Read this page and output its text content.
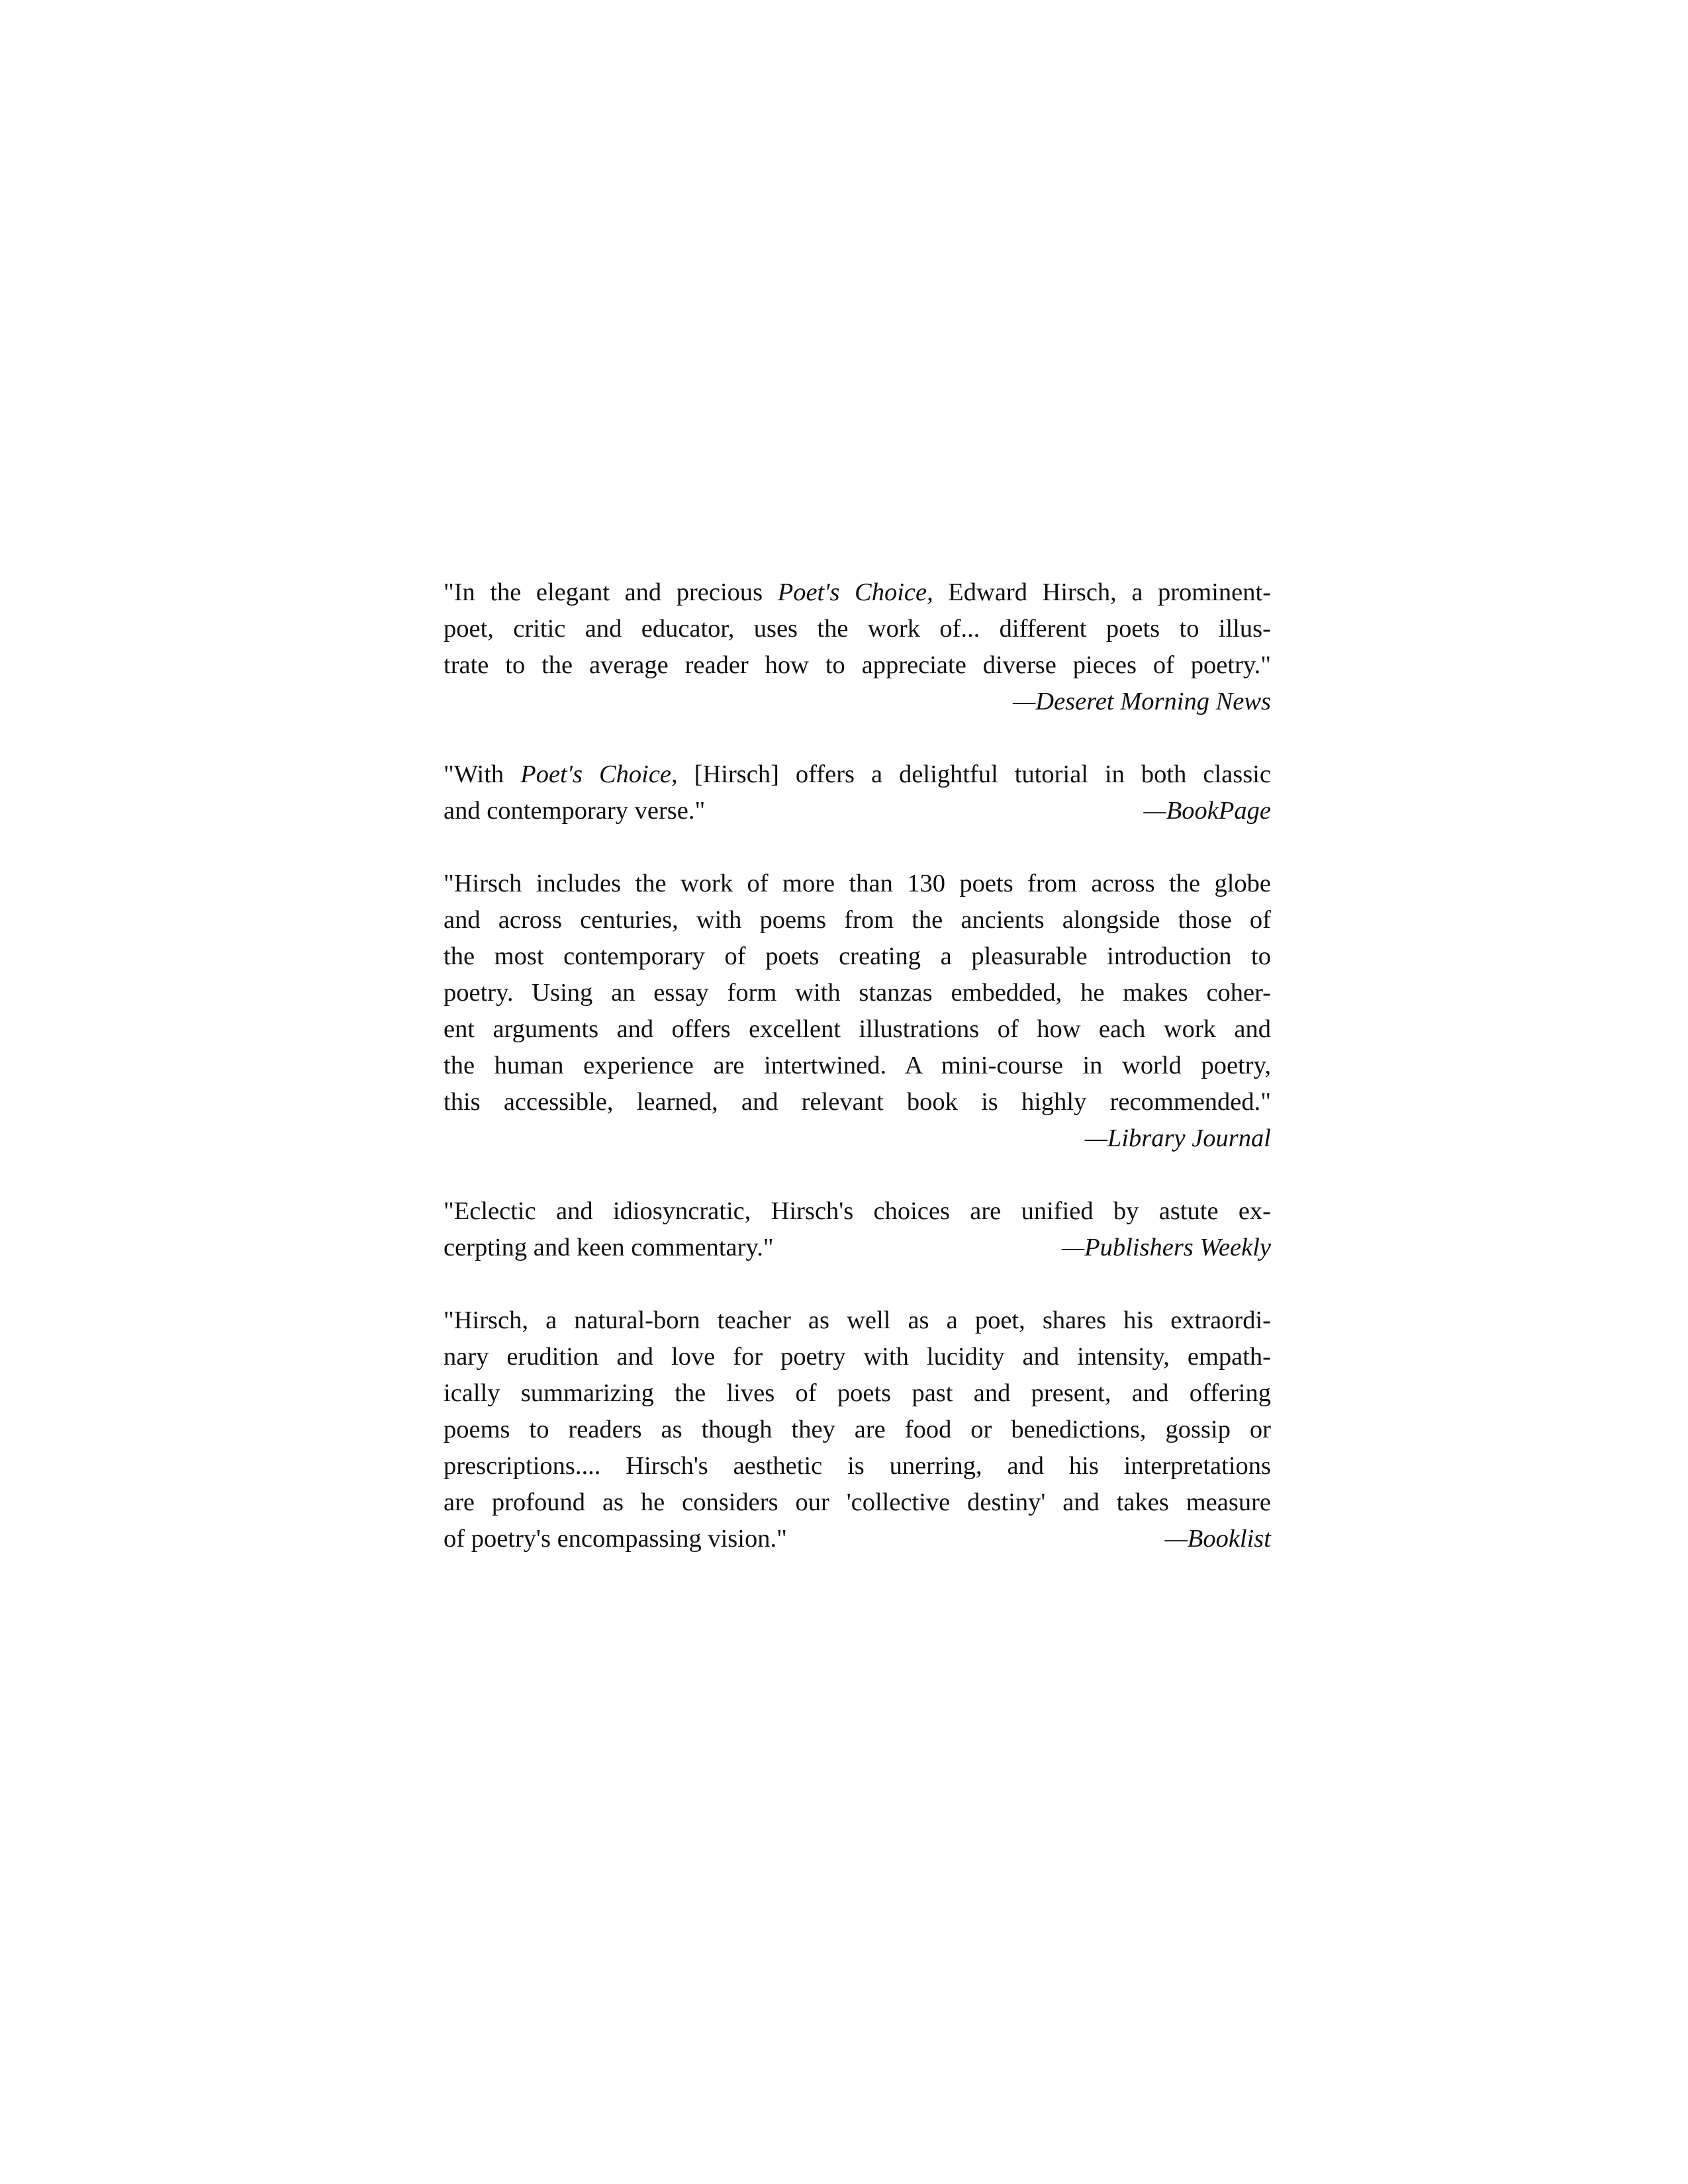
"In the elegant and precious Poet's Choice, Edward Hirsch, a prominent-
poet, critic and educator, uses the work of... different poets to illus-
trate to the average reader how to appreciate diverse pieces of poetry."
—Deseret Morning News
"With Poet's Choice, [Hirsch] offers a delightful tutorial in both classic
and contemporary verse."	—BookPage
"Hirsch includes the work of more than 130 poets from across the globe
and across centuries, with poems from the ancients alongside those of
the most contemporary of poets creating a pleasurable introduction to
poetry. Using an essay form with stanzas embedded, he makes coher-
ent arguments and offers excellent illustrations of how each work and
the human experience are intertwined. A mini-course in world poetry,
this accessible, learned, and relevant book is highly recommended."
—Library Journal
"Eclectic and idiosyncratic, Hirsch's choices are unified by astute ex-
cerpting and keen commentary."	—Publishers Weekly
"Hirsch, a natural-born teacher as well as a poet, shares his extraordi-
nary erudition and love for poetry with lucidity and intensity, empath-
ically summarizing the lives of poets past and present, and offering
poems to readers as though they are food or benedictions, gossip or
prescriptions.... Hirsch's aesthetic is unerring, and his interpretations
are profound as he considers our 'collective destiny' and takes measure
of poetry's encompassing vision."	—Booklist
